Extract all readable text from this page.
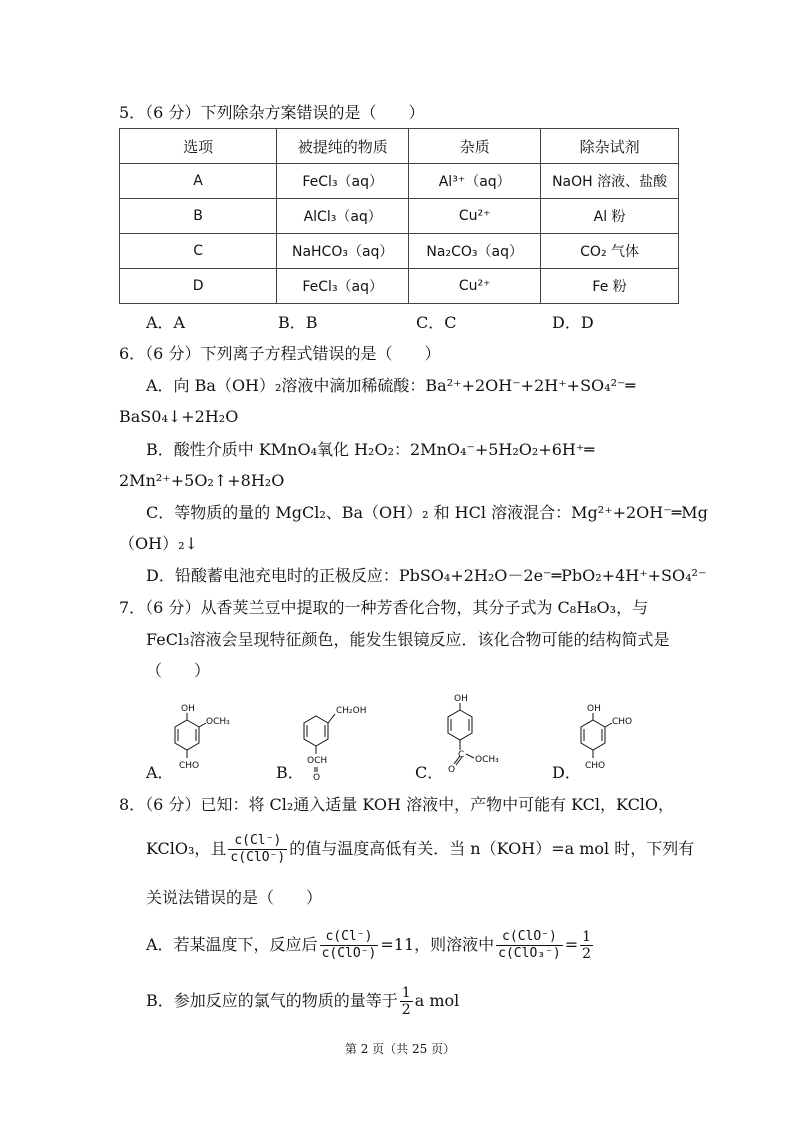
5．（6 分）下列除杂方案错误的是（　　）
选项	被提纯的物质	杂质	除杂试剂
A	FeCl₃（aq）	Al³⁺（aq）	NaOH 溶液、盐酸
B	AlCl₃（aq）	Cu²⁺	Al 粉
C	NaHCO₃（aq）	Na₂CO₃（aq）	CO₂ 气体
D	FeCl₃（aq）	Cu²⁺	Fe 粉
A．A	B．B	C．C	D．D
6．（6 分）下列离子方程式错误的是（　　）
A．向 Ba（OH）₂溶液中滴加稀硫酸：Ba²⁺+2OH⁻+2H⁺+SO₄²⁻═
BaS0₄↓+2H₂O
B．酸性介质中 KMnO₄氧化 H₂O₂：2MnO₄⁻+5H₂O₂+6H⁺═
2Mn²⁺+5O₂↑+8H₂O
C．等物质的量的 MgCl₂、Ba（OH）₂ 和 HCl 溶液混合：Mg²⁺+2OH⁻═Mg
（OH）₂↓
D．铅酸蓄电池充电时的正极反应：PbSO₄+2H₂O－2e⁻═PbO₂+4H⁺+SO₄²⁻
7．（6 分）从香荚兰豆中提取的一种芳香化合物，其分子式为 C₈H₈O₃，与
FeCl₃溶液会呈现特征颜色，能发生银镜反应．该化合物可能的结构简式是
（　　）
A．	B．	C．	D．
OH
OCH₃
CHO
CH₂OH
OCH
O
OH
C
O
OCH₃
OH
CHO
CHO
8．（6 分）已知：将 Cl₂通入适量 KOH 溶液中，产物中可能有 KCl，KClO，
KClO₃，且 $\frac{c(Cl^-)}{\text{c(ClO⁻)}}$ 的值与温度高低有关．当 n（KOH）=a mol 时，下列有
关说法错误的是（　　）
A．若某温度下，反应后 $\frac{c(Cl^-)}{\text{c(ClO⁻)}} =11$，则溶液中 $\frac{\text{c(ClO⁻)}}{\text{c(ClO₃⁻)}} = \frac{1}{2}$
B．参加反应的氯气的物质的量等于 $\frac{1}{2}$ a mol
第 2 页（共 25 页）
